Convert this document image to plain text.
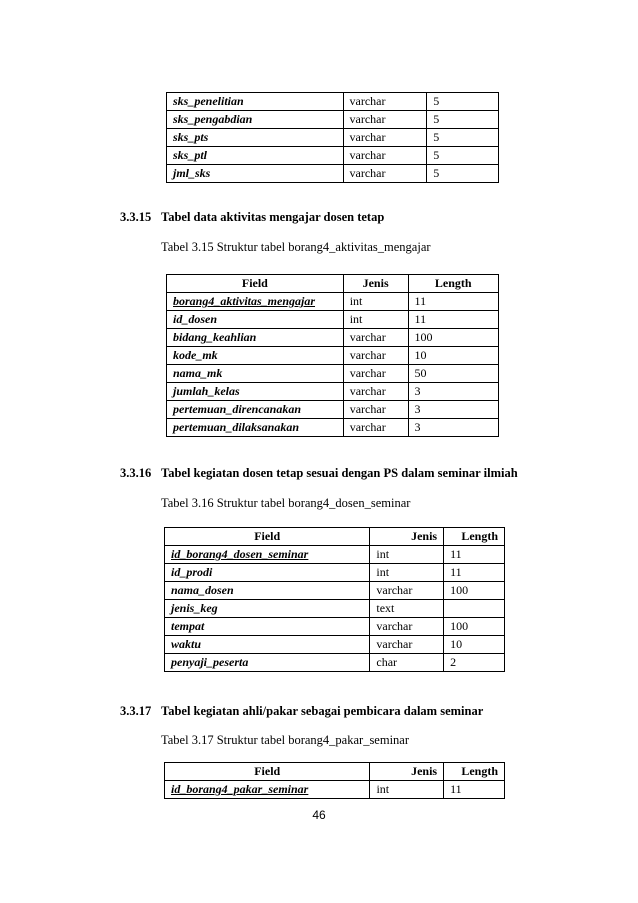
sks_penelitian	varchar	5
sks_pengabdian	varchar	5
sks_pts	varchar	5
sks_ptl	varchar	5
jml_sks	varchar	5
3.3.15 Tabel data aktivitas mengajar dosen tetap
Tabel 3.15 Struktur tabel borang4_aktivitas_mengajar
Field	Jenis	Length
borang4_aktivitas_mengajar	int	11
id_dosen	int	11
bidang_keahlian	varchar	100
kode_mk	varchar	10
nama_mk	varchar	50
jumlah_kelas	varchar	3
pertemuan_direncanakan	varchar	3
pertemuan_dilaksanakan	varchar	3
3.3.16 Tabel kegiatan dosen tetap sesuai dengan PS dalam seminar ilmiah
Tabel 3.16 Struktur tabel borang4_dosen_seminar
Field	Jenis	Length
id_borang4_dosen_seminar	int	11
id_prodi	int	11
nama_dosen	varchar	100
jenis_keg	text	
tempat	varchar	100
waktu	varchar	10
penyaji_peserta	char	2
3.3.17 Tabel kegiatan ahli/pakar sebagai pembicara dalam seminar
Tabel 3.17 Struktur tabel borang4_pakar_seminar
Field	Jenis	Length
id_borang4_pakar_seminar	int	11
46
